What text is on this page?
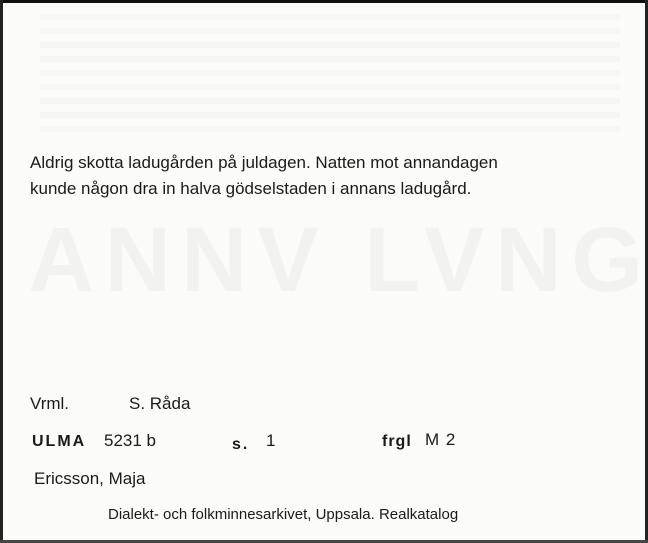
Aldrig skotta ladugården på juldagen. Natten mot annandagen
kunde någon dra in halva gödselstaden i annans ladugård.
Vrml.	S. Råda
ULMA 5231 b	s. 1	frgl M 2
Ericsson, Maja
Dialekt- och folkminnesarkivet, Uppsala. Realkatalog
